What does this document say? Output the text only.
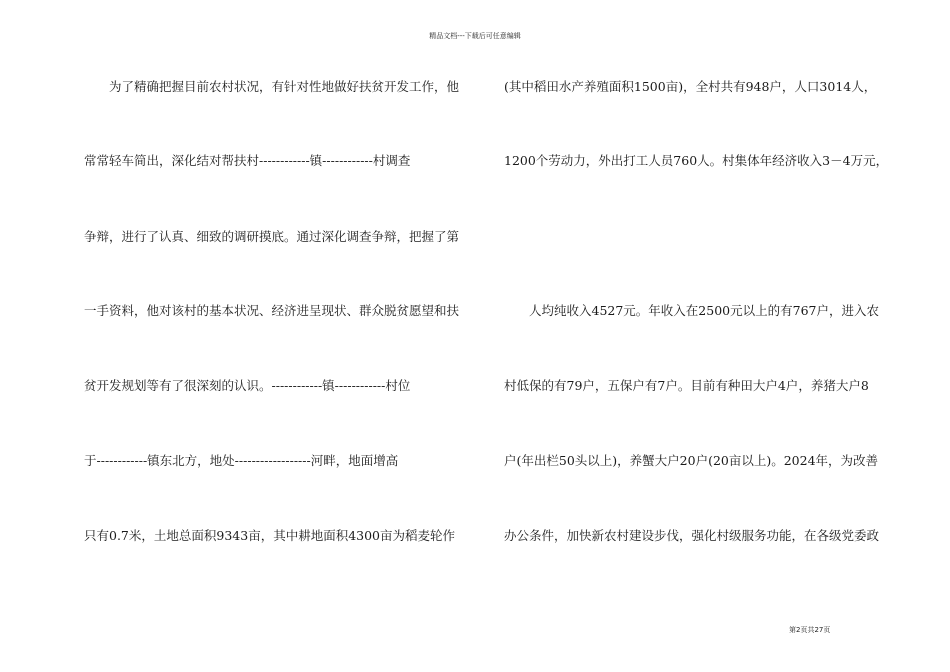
精品文档---下载后可任意编辑
为了精确把握目前农村状况，有针对性地做好扶贫开发工作，他
常常轻车简出，深化结对帮扶村------------镇------------村调查
争辩，进行了认真、细致的调研摸底。通过深化调查争辩，把握了第
一手资料，他对该村的基本状况、经济进呈现状、群众脱贫愿望和扶
贫开发规划等有了很深刻的认识。------------镇------------村位
于------------镇东北方，地处------------------河畔，地面增高
只有0.7米，土地总面积9343亩，其中耕地面积4300亩为稻麦轮作
(其中稻田水产养殖面积1500亩)，全村共有948户，人口3014人，
1200个劳动力，外出打工人员760人。村集体年经济收入3－4万元，
人均纯收入4527元。年收入在2500元以上的有767户，进入农
村低保的有79户，五保户有7户。目前有种田大户4户，养猪大户8
户(年出栏50头以上)，养蟹大户20户(20亩以上)。2024年，为改善
办公条件，加快新农村建设步伐，强化村级服务功能，在各级党委政
第2页共27页
